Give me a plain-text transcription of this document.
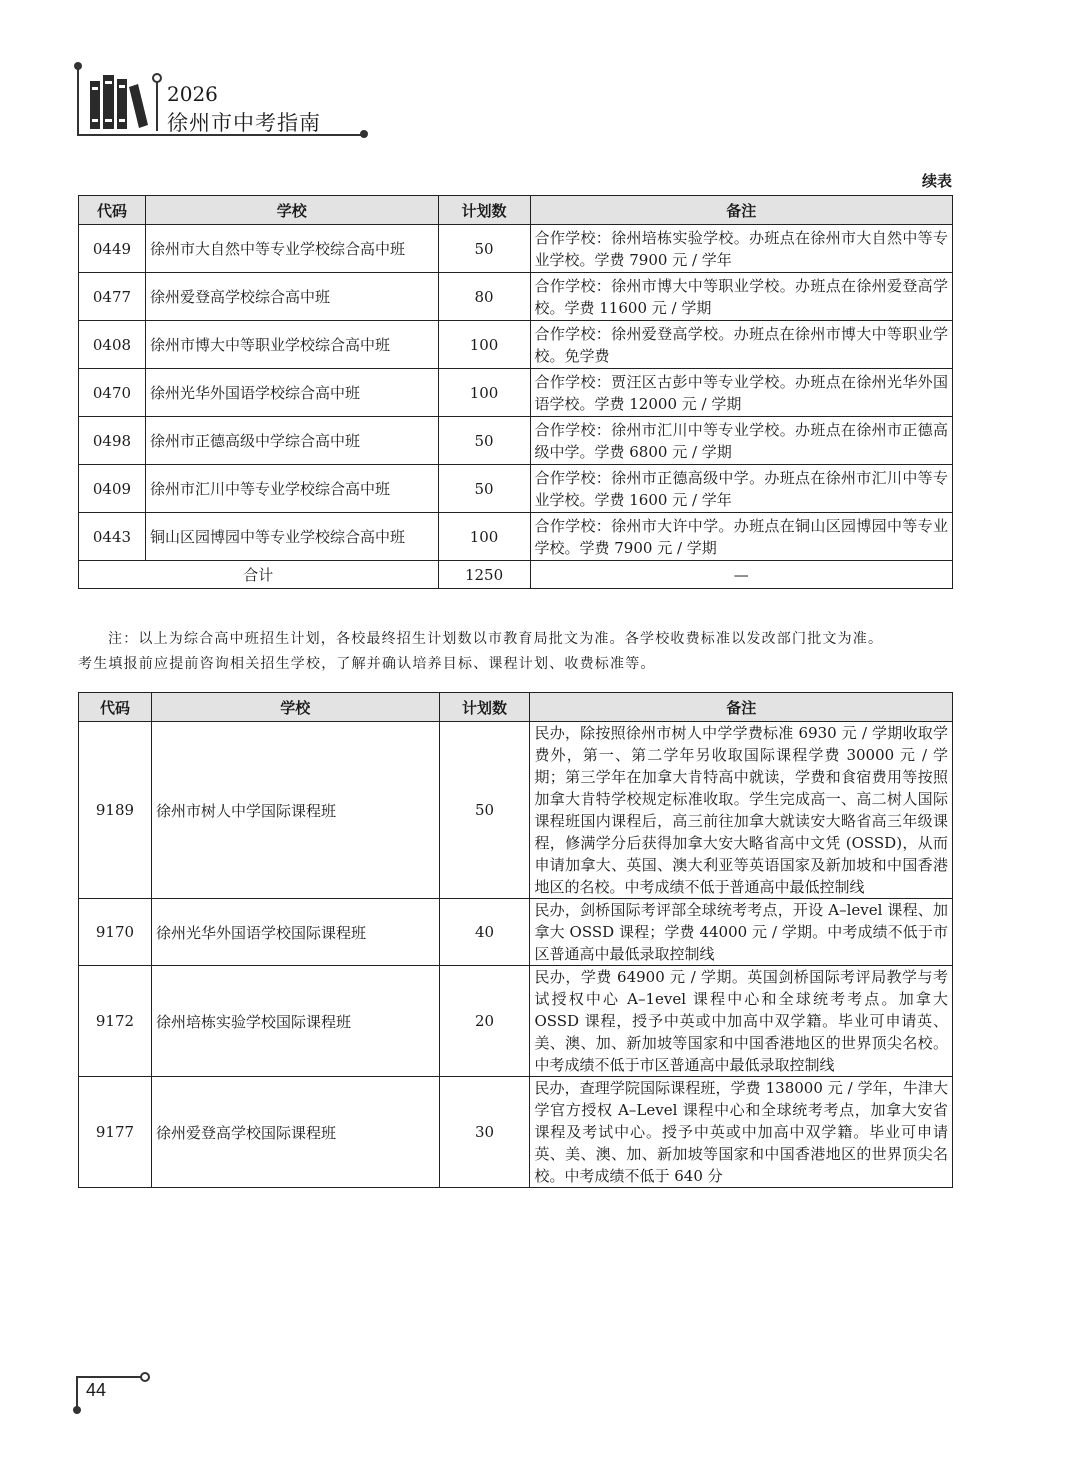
2026
徐州市中考指南
续表
代码	学校	计划数	备注
0449	徐州市大自然中等专业学校综合高中班	50	合作学校：徐州培栋实验学校。办班点在徐州市大自然中等专业学校。学费 7900 元 / 学年
0477	徐州爱登高学校综合高中班	80	合作学校：徐州市博大中等职业学校。办班点在徐州爱登高学校。学费 11600 元 / 学期
0408	徐州市博大中等职业学校综合高中班	100	合作学校：徐州爱登高学校。办班点在徐州市博大中等职业学校。免学费
0470	徐州光华外国语学校综合高中班	100	合作学校：贾汪区古彭中等专业学校。办班点在徐州光华外国语学校。学费 12000 元 / 学期
0498	徐州市正德高级中学综合高中班	50	合作学校：徐州市汇川中等专业学校。办班点在徐州市正德高级中学。学费 6800 元 / 学期
0409	徐州市汇川中等专业学校综合高中班	50	合作学校：徐州市正德高级中学。办班点在徐州市汇川中等专业学校。学费 1600 元 / 学年
0443	铜山区园博园中等专业学校综合高中班	100	合作学校：徐州市大许中学。办班点在铜山区园博园中等专业学校。学费 7900 元 / 学期
合计		1250	—
注：以上为综合高中班招生计划，各校最终招生计划数以市教育局批文为准。各学校收费标准以发改部门批文为准。
考生填报前应提前咨询相关招生学校，了解并确认培养目标、课程计划、收费标准等。
代码	学校	计划数	备注
9189	徐州市树人中学国际课程班	50	民办，除按照徐州市树人中学学费标准 6930 元 / 学期收取学费外，第一、第二学年另收取国际课程学费 30000 元 / 学期；第三学年在加拿大肯特高中就读，学费和食宿费用等按照加拿大肯特学校规定标准收取。学生完成高一、高二树人国际课程班国内课程后，高三前往加拿大就读安大略省高三年级课程，修满学分后获得加拿大安大略省高中文凭 (OSSD)，从而申请加拿大、英国、澳大利亚等英语国家及新加坡和中国香港地区的名校。中考成绩不低于普通高中最低控制线
9170	徐州光华外国语学校国际课程班	40	民办，剑桥国际考评部全球统考考点，开设 A–level 课程、加拿大 OSSD 课程；学费 44000 元 / 学期。中考成绩不低于市区普通高中最低录取控制线
9172	徐州培栋实验学校国际课程班	20	民办，学费 64900 元 / 学期。英国剑桥国际考评局教学与考试授权中心 A–1evel 课程中心和全球统考考点。加拿大 OSSD 课程，授予中英或中加高中双学籍。毕业可申请英、美、澳、加、新加坡等国家和中国香港地区的世界顶尖名校。中考成绩不低于市区普通高中最低录取控制线
9177	徐州爱登高学校国际课程班	30	民办，查理学院国际课程班，学费 138000 元 / 学年，牛津大学官方授权 A–Level 课程中心和全球统考考点，加拿大安省课程及考试中心。授予中英或中加高中双学籍。毕业可申请英、美、澳、加、新加坡等国家和中国香港地区的世界顶尖名校。中考成绩不低于 640 分
44
